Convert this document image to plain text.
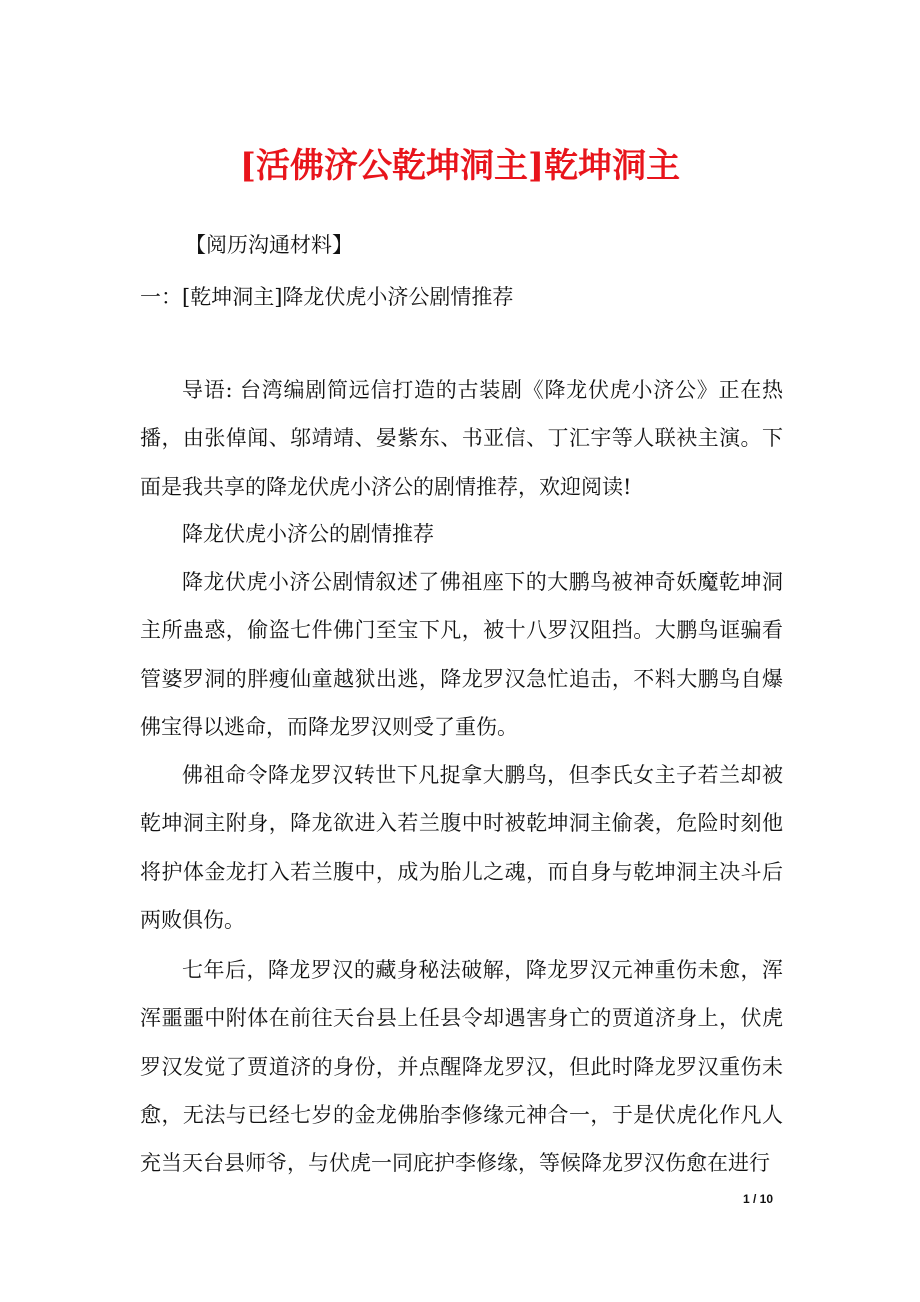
[活佛济公乾坤洞主]乾坤洞主
【阅历沟通材料】
一：[乾坤洞主]降龙伏虎小济公剧情推荐

导语: 台湾编剧简远信打造的古装剧《降龙伏虎小济公》正在热播，由张倬闻、邬靖靖、晏紫东、书亚信、丁汇宇等人联袂主演。下面是我共享的降龙伏虎小济公的剧情推荐，欢迎阅读!

降龙伏虎小济公的剧情推荐

降龙伏虎小济公剧情叙述了佛祖座下的大鹏鸟被神奇妖魔乾坤洞主所蛊惑，偷盗七件佛门至宝下凡，被十八罗汉阻挡。大鹏鸟诓骗看管婆罗洞的胖瘦仙童越狱出逃，降龙罗汉急忙追击，不料大鹏鸟自爆佛宝得以逃命，而降龙罗汉则受了重伤。

佛祖命令降龙罗汉转世下凡捉拿大鹏鸟，但李氏女主子若兰却被乾坤洞主附身，降龙欲进入若兰腹中时被乾坤洞主偷袭，危险时刻他将护体金龙打入若兰腹中，成为胎儿之魂，而自身与乾坤洞主决斗后两败俱伤。

七年后，降龙罗汉的藏身秘法破解，降龙罗汉元神重伤未愈，浑浑噩噩中附体在前往天台县上任县令却遇害身亡的贾道济身上，伏虎罗汉发觉了贾道济的身份，并点醒降龙罗汉，但此时降龙罗汉重伤未愈，无法与已经七岁的金龙佛胎李修缘元神合一，于是伏虎化作凡人充当天台县师爷，与伏虎一同庇护李修缘，等候降龙罗汉伤愈在进行

1 / 10
